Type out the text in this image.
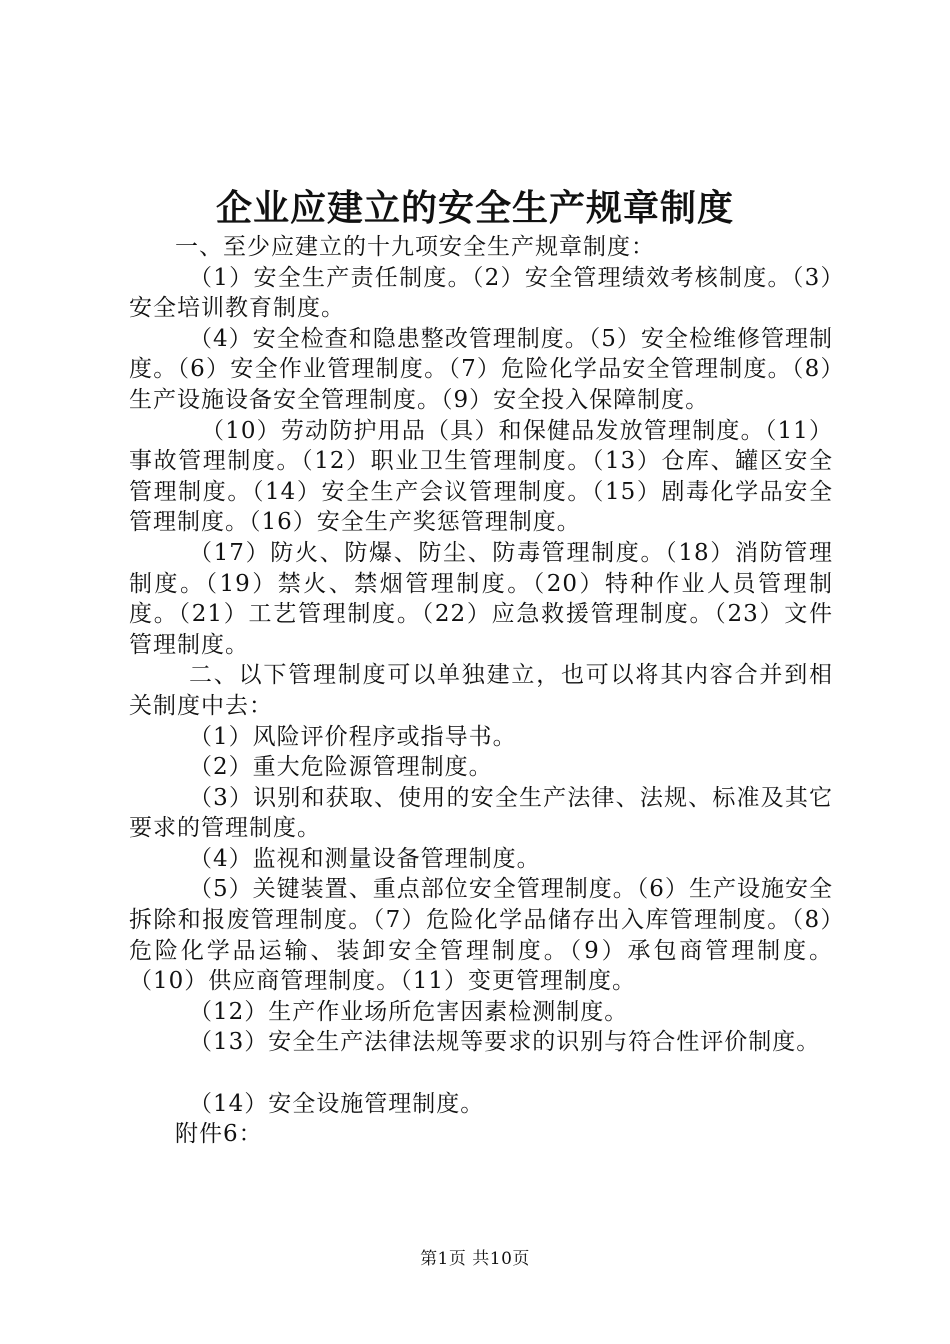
企业应建立的安全生产规章制度

一、至少应建立的十九项安全生产规章制度：

（1）安全生产责任制度。（2）安全管理绩效考核制度。（3）安全培训教育制度。

（4）安全检查和隐患整改管理制度。（5）安全检维修管理制度。（6）安全作业管理制度。（7）危险化学品安全管理制度。（8）生产设施设备安全管理制度。（9）安全投入保障制度。

（10）劳动防护用品（具）和保健品发放管理制度。（11）事故管理制度。（12）职业卫生管理制度。（13）仓库、罐区安全管理制度。（14）安全生产会议管理制度。（15）剧毒化学品安全管理制度。（16）安全生产奖惩管理制度。

（17）防火、防爆、防尘、防毒管理制度。（18）消防管理制度。（19）禁火、禁烟管理制度。（20）特种作业人员管理制度。（21）工艺管理制度。（22）应急救援管理制度。（23）文件管理制度。

二、以下管理制度可以单独建立，也可以将其内容合并到相关制度中去：

（1）风险评价程序或指导书。

（2）重大危险源管理制度。

（3）识别和获取、使用的安全生产法律、法规、标准及其它要求的管理制度。

（4）监视和测量设备管理制度。

（5）关键装置、重点部位安全管理制度。（6）生产设施安全拆除和报废管理制度。（7）危险化学品储存出入库管理制度。（8）危险化学品运输、装卸安全管理制度。（9）承包商管理制度。（10）供应商管理制度。（11）变更管理制度。

（12）生产作业场所危害因素检测制度。

（13）安全生产法律法规等要求的识别与符合性评价制度。

（14）安全设施管理制度。

附件6：

第1页 共10页
